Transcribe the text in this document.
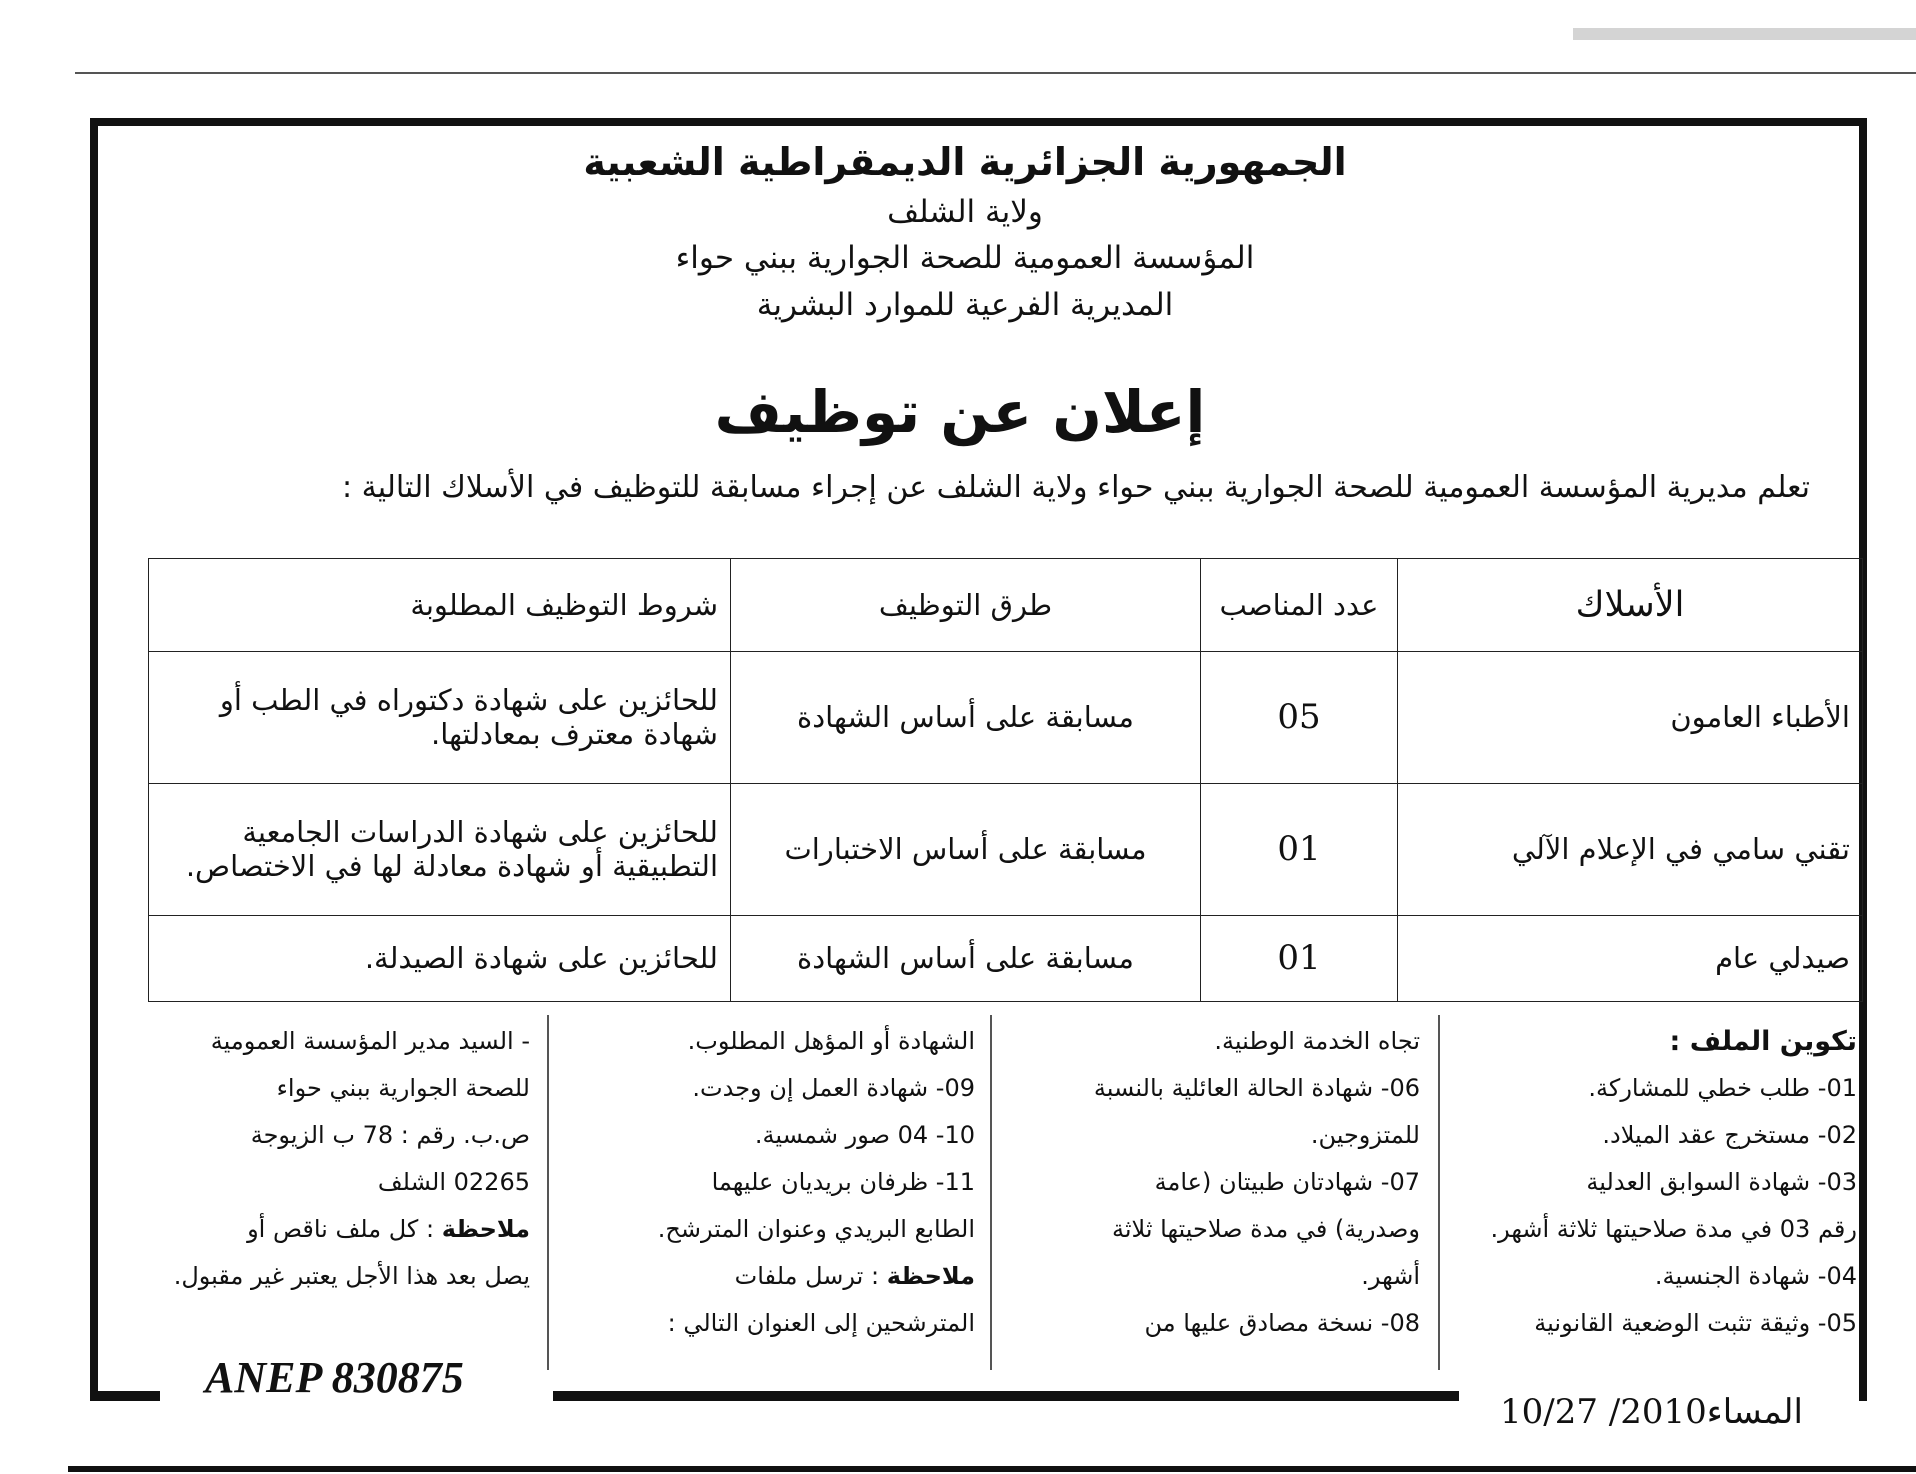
الجمهورية الجزائرية الديمقراطية الشعبية
ولاية الشلف
المؤسسة العمومية للصحة الجوارية ببني حواء
المديرية الفرعية للموارد البشرية
إعلان عن توظيف
تعلم مديرية المؤسسة العمومية للصحة الجوارية ببني حواء ولاية الشلف عن إجراء مسابقة للتوظيف في الأسلاك التالية :
الأسلاك	عدد المناصب	طرق التوظيف	شروط التوظيف المطلوبة
الأطباء العامون	05	مسابقة على أساس الشهادة	للحائزين على شهادة دكتوراه في الطب أو شهادة معترف بمعادلتها.
تقني سامي في الإعلام الآلي	01	مسابقة على أساس الاختبارات	للحائزين على شهادة الدراسات الجامعية التطبيقية أو شهادة معادلة لها في الاختصاص.
صيدلي عام	01	مسابقة على أساس الشهادة	للحائزين على شهادة الصيدلة.
تكوين الملف :
01- طلب خطي للمشاركة.
02- مستخرج عقد الميلاد.
03- شهادة السوابق العدلية
رقم 03 في مدة صلاحيتها ثلاثة أشهر.
04- شهادة الجنسية.
05- وثيقة تثبت الوضعية القانونية
تجاه الخدمة الوطنية.
06- شهادة الحالة العائلية بالنسبة
للمتزوجين.
07- شهادتان طبيتان (عامة
وصدرية) في مدة صلاحيتها ثلاثة
أشهر.
08- نسخة مصادق عليها من
الشهادة أو المؤهل المطلوب.
09- شهادة العمل إن وجدت.
10- 04 صور شمسية.
11- ظرفان بريديان عليهما
الطابع البريدي وعنوان المترشح.
ملاحظة : ترسل ملفات
المترشحين إلى العنوان التالي :
- السيد مدير المؤسسة العمومية
للصحة الجوارية ببني حواء
ص.ب. رقم : 78 ب الزيوجة
02265 الشلف
ملاحظة : كل ملف ناقص أو
يصل بعد هذا الأجل يعتبر غير مقبول.
ANEP 830875
المساء2010/ 10/27
